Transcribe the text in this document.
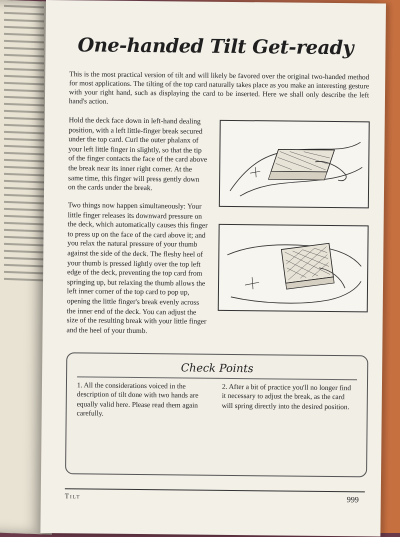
One-handed Tilt Get-ready
This is the most practical version of tilt and will likely be favored over the original two-handed method for most applications. The tilting of the top card naturally takes place as you make an interesting gesture with your right hand, such as displaying the card to be inserted. Here we shall only describe the left hand's action.
Hold the deck face down in left-hand dealing position, with a left little-finger break secured under the top card. Curl the outer phalanx of your left little finger in slightly, so that the tip of the finger contacts the face of the card above the break near its inner right corner. At the same time, this finger will press gently down on the cards under the break.
Two things now happen simultaneously: Your little finger releases its downward pressure on the deck, which automatically causes this finger to press up on the face of the card above it; and you relax the natural pressure of your thumb against the side of the deck. The fleshy heel of your thumb is pressed lightly over the top left edge of the deck, preventing the top card from springing up, but relaxing the thumb allows the left inner corner of the top card to pop up, opening the little finger's break evenly across the inner end of the deck. You can adjust the size of the resulting break with your little finger and the heel of your thumb.
Check Points
1. All the considerations voiced in the description of tilt done with two hands are equally valid here. Please read them again carefully.
2. After a bit of practice you'll no longer find it necessary to adjust the break, as the card will spring directly into the desired position.
Tilt	999
